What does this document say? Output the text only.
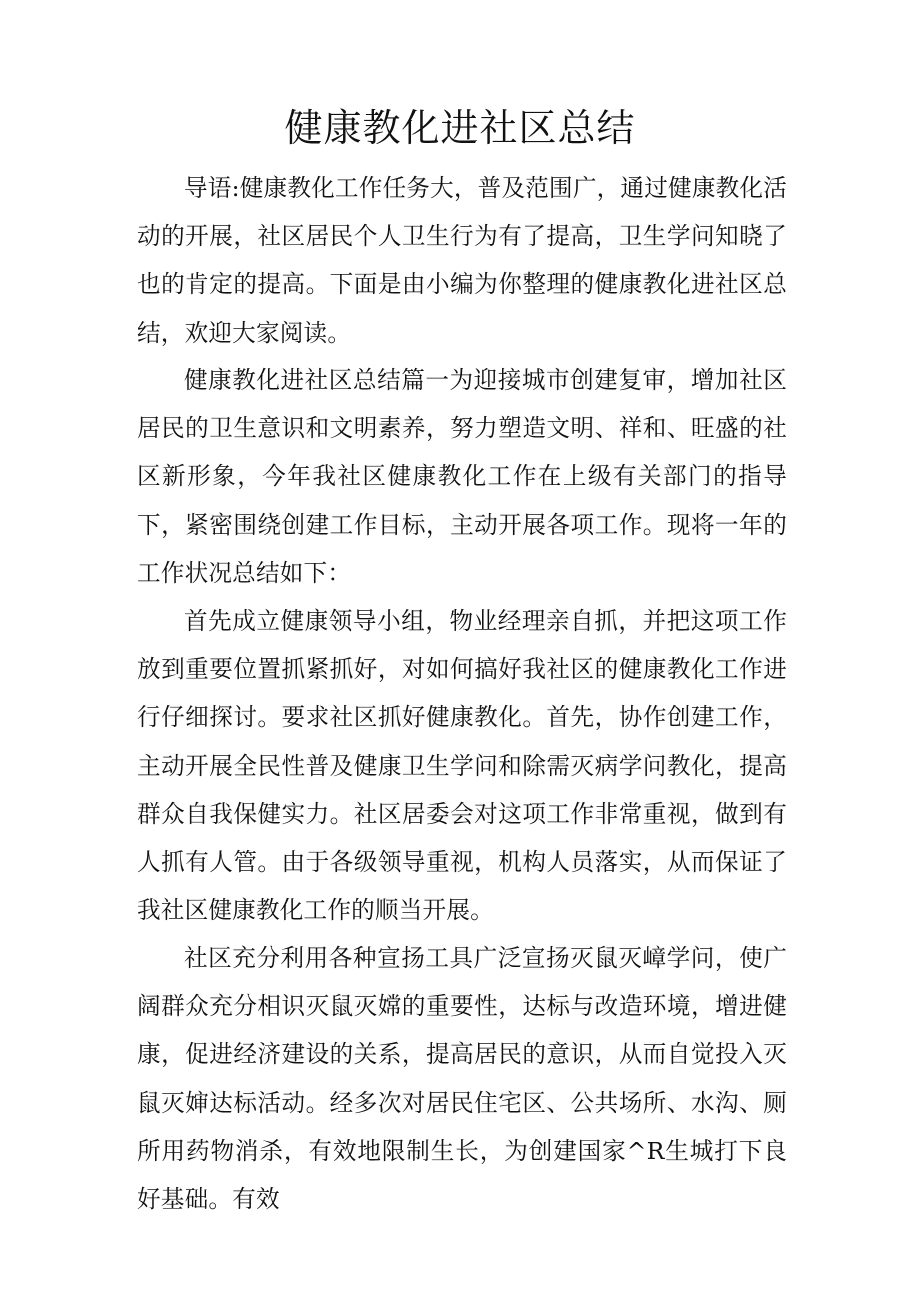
健康教化进社区总结

导语:健康教化工作任务大，普及范围广，通过健康教化活动的开展，社区居民个人卫生行为有了提高，卫生学问知晓了也的肯定的提高。下面是由小编为你整理的健康教化进社区总结，欢迎大家阅读。

健康教化进社区总结篇一为迎接城市创建复审，增加社区居民的卫生意识和文明素养，努力塑造文明、祥和、旺盛的社区新形象，今年我社区健康教化工作在上级有关部门的指导下，紧密围绕创建工作目标，主动开展各项工作。现将一年的工作状况总结如下：

首先成立健康领导小组，物业经理亲自抓，并把这项工作放到重要位置抓紧抓好，对如何搞好我社区的健康教化工作进行仔细探讨。要求社区抓好健康教化。首先，协作创建工作，主动开展全民性普及健康卫生学问和除需灭病学问教化，提高群众自我保健实力。社区居委会对这项工作非常重视，做到有人抓有人管。由于各级领导重视，机构人员落实，从而保证了我社区健康教化工作的顺当开展。

社区充分利用各种宣扬工具广泛宣扬灭鼠灭嶂学问，使广阔群众充分相识灭鼠灭嫦的重要性，达标与改造环境，增进健康，促进经济建设的关系，提高居民的意识，从而自觉投入灭鼠灭婶达标活动。经多次对居民住宅区、公共场所、水沟、厕所用药物消杀，有效地限制生长，为创建国家^R生城打下良好基础。有效
